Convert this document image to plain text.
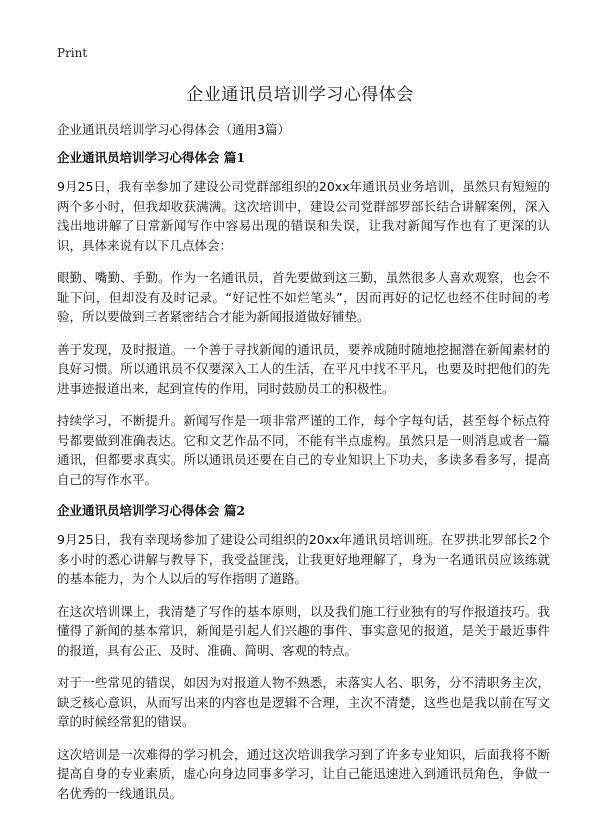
Print
企业通讯员培训学习心得体会

企业通讯员培训学习心得体会（通用3篇）

企业通讯员培训学习心得体会 篇1

9月25日，我有幸参加了建设公司党群部组织的20xx年通讯员业务培训，虽然只有短短的两个多小时，但我却收获满满。这次培训中，建设公司党群部罗部长结合讲解案例，深入浅出地讲解了日常新闻写作中容易出现的错误和失误，让我对新闻写作也有了更深的认识，具体来说有以下几点体会：

眼勤、嘴勤、手勤。作为一名通讯员，首先要做到这三勤，虽然很多人喜欢观察，也会不耻下问，但却没有及时记录。“好记性不如烂笔头”，因而再好的记忆也经不住时间的考验，所以要做到三者紧密结合才能为新闻报道做好铺垫。

善于发现，及时报道。一个善于寻找新闻的通讯员，要养成随时随地挖掘潜在新闻素材的良好习惯。所以通讯员不仅要深入工人的生活，在平凡中找不平凡，也要及时把他们的先进事迹报道出来，起到宣传的作用，同时鼓励员工的积极性。

持续学习，不断提升。新闻写作是一项非常严谨的工作，每个字每句话，甚至每个标点符号都要做到准确表达。它和文艺作品不同，不能有半点虚构。虽然只是一则消息或者一篇通讯，但都要求真实。所以通讯员还要在自己的专业知识上下功夫，多读多看多写，提高自己的写作水平。

企业通讯员培训学习心得体会 篇2

9月25日，我有幸现场参加了建设公司组织的20xx年通讯员培训班。在罗拱北罗部长2个多小时的悉心讲解与教导下，我受益匪浅，让我更好地理解了，身为一名通讯员应该练就的基本能力，为个人以后的写作指明了道路。

在这次培训课上，我清楚了写作的基本原则，以及我们施工行业独有的写作报道技巧。我懂得了新闻的基本常识，新闻是引起人们兴趣的事件、事实意见的报道，是关于最近事件的报道，具有公正、及时、准确、简明、客观的特点。

对于一些常见的错误，如因为对报道人物不熟悉，未落实人名、职务，分不清职务主次，缺乏核心意识，从而写出来的内容也是逻辑不合理，主次不清楚，这些也是我以前在写文章的时候经常犯的错误。

这次培训是一次难得的学习机会，通过这次培训我学习到了许多专业知识，后面我将不断提高自身的专业素质，虚心向身边同事多学习，让自己能迅速进入到通讯员角色，争做一名优秀的一线通讯员。
